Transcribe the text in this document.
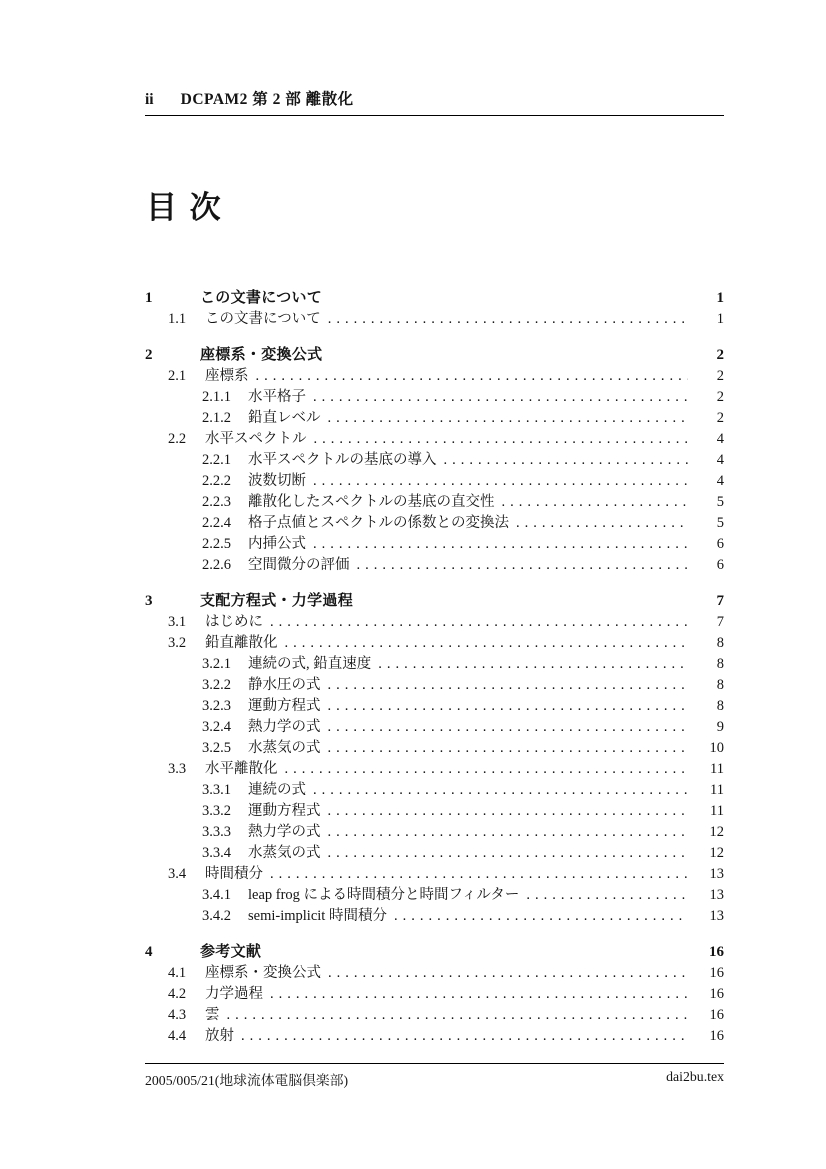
ii DCPAM2 第 2 部 離散化
目 次
1	この文書について	1
1.1	この文書について .....	1
2	座標系・変換公式	2
2.1	座標系 .....	2
2.1.1	水平格子 .....	2
2.1.2	鉛直レベル .....	2
2.2	水平スペクトル .....	4
2.2.1	水平スペクトルの基底の導入 .....	4
2.2.2	波数切断 .....	4
2.2.3	離散化したスペクトルの基底の直交性 .....	5
2.2.4	格子点値とスペクトルの係数との変換法 .....	5
2.2.5	内挿公式 .....	6
2.2.6	空間微分の評価 .....	6
3	支配方程式・力学過程	7
3.1	はじめに .....	7
3.2	鉛直離散化 .....	8
3.2.1	連続の式, 鉛直速度 .....	8
3.2.2	静水圧の式 .....	8
3.2.3	運動方程式 .....	8
3.2.4	熱力学の式 .....	9
3.2.5	水蒸気の式 .....	10
3.3	水平離散化 .....	11
3.3.1	連続の式 .....	11
3.3.2	運動方程式 .....	11
3.3.3	熱力学の式 .....	12
3.3.4	水蒸気の式 .....	12
3.4	時間積分 .....	13
3.4.1	leap frog による時間積分と時間フィルター .....	13
3.4.2	semi-implicit 時間積分 .....	13
4	参考文献	16
4.1	座標系・変換公式 .....	16
4.2	力学過程 .....	16
4.3	雲 .....	16
4.4	放射 .....	16
2005/005/21(地球流体電脳倶楽部)	dai2bu.tex
